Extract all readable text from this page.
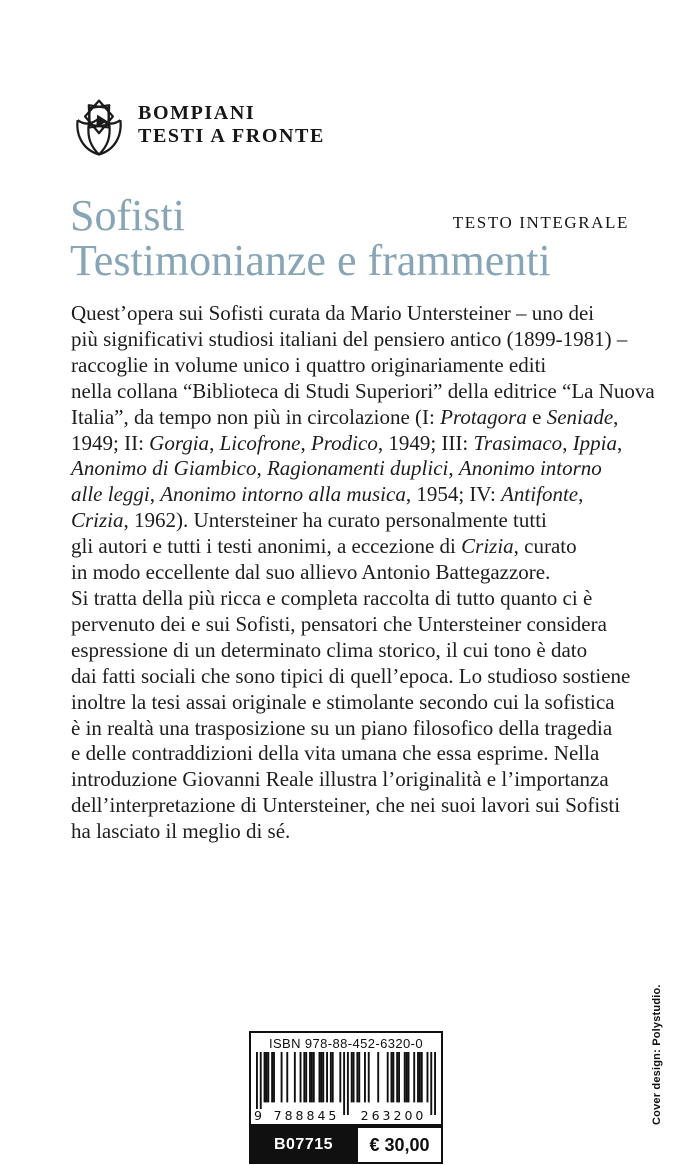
BOMPIANI
TESTI A FRONTE
TESTO INTEGRALE
Sofisti
Testimonianze e frammenti
Quest’opera sui Sofisti curata da Mario Untersteiner – uno dei
più significativi studiosi italiani del pensiero antico (1899-1981) –
raccoglie in volume unico i quattro originariamente editi
nella collana “Biblioteca di Studi Superiori” della editrice “La Nuova
Italia”, da tempo non più in circolazione (I: Protagora e Seniade,
1949; II: Gorgia, Licofrone, Prodico, 1949; III: Trasimaco, Ippia,
Anonimo di Giambico, Ragionamenti duplici, Anonimo intorno
alle leggi, Anonimo intorno alla musica, 1954; IV: Antifonte,
Crizia, 1962). Untersteiner ha curato personalmente tutti
gli autori e tutti i testi anonimi, a eccezione di Crizia, curato
in modo eccellente dal suo allievo Antonio Battegazzore.
Si tratta della più ricca e completa raccolta di tutto quanto ci è
pervenuto dei e sui Sofisti, pensatori che Untersteiner considera
espressione di un determinato clima storico, il cui tono è dato
dai fatti sociali che sono tipici di quell’epoca. Lo studioso sostiene
inoltre la tesi assai originale e stimolante secondo cui la sofistica
è in realtà una trasposizione su un piano filosofico della tragedia
e delle contraddizioni della vita umana che essa esprime. Nella
introduzione Giovanni Reale illustra l’originalità e l’importanza
dell’interpretazione di Untersteiner, che nei suoi lavori sui Sofisti
ha lasciato il meglio di sé.
ISBN 978-88-452-6320-0
9 788845 263200
B07715	€ 30,00
Cover design: Polystudio.
